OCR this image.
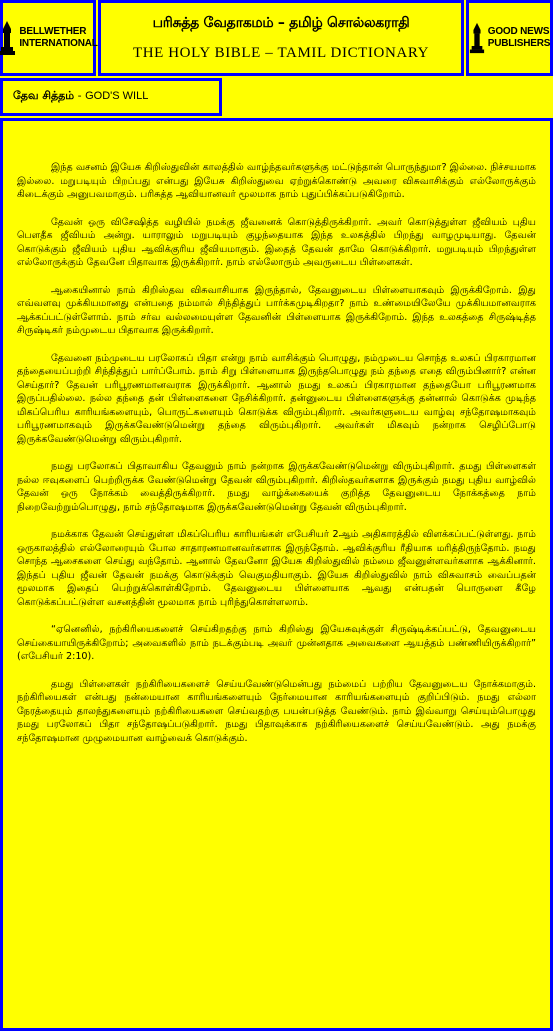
BELLWETHER
INTERNATIONAL
பரிசுத்த வேதாகமம் – தமிழ் சொல்லகராதி
THE HOLY BIBLE – TAMIL DICTIONARY
GOOD NEWS
PUBLISHERS
தேவ சித்தம் - GOD'S WILL

இந்த வசனம் இயேசு கிறிஸ்துவின் காலத்தில் வாழ்ந்தவர்களுக்கு மட்டுந்தான் பொருந்துமா? இல்லை. நிச்சயமாக இல்லை. மறுபடியும் பிறப்பது என்பது இயேசு கிறிஸ்துவை ஏற்றுக்கொண்டு அவரை விசுவாசிக்கும் எல்லோருக்கும் கிடைக்கும் அனுபவமாகும். பரிசுத்த ஆவியானவர் மூலமாக நாம் புதுப்பிக்கப்படுகிறோம்.

தேவன் ஒரு விசேஷித்த வழியில் நமக்கு ஜீவனைக் கொடுத்திருக்கிறார். அவர் கொடுத்துள்ள ஜீவியம் புதிய பௌதீக ஜீவியம் அன்று. யாராலும் மறுபடியும் குழந்தையாக இந்த உலகத்தில் பிறந்து வாழமுடியாது. தேவன் கொடுக்கும் ஜீவியம் புதிய ஆவிக்குரிய ஜீவியமாகும். இதைத் தேவன் தாமே கொடுக்கிறார். மறுபடியும் பிறந்துள்ள எல்லோருக்கும் தேவனே பிதாவாக இருக்கிறார். நாம் எல்லோரும் அவருடைய பிள்ளைகள்.

ஆகையினால் நாம் கிறிஸ்தவ விசுவாசியாக இருந்தால், தேவனுடைய பிள்ளையாகவும் இருக்கிறோம். இது எவ்வளவு முக்கியமானது என்பதை நம்மால் சிந்தித்துப் பார்க்கமுடிகிறதா? நாம் உண்மையிலேயே முக்கியமானவராக ஆக்கப்பட்டுள்ளோம். நாம் சர்வ வல்லமையுள்ள தேவனின் பிள்ளையாக இருக்கிறோம். இந்த உலகத்தை சிருஷ்டித்த சிருஷ்டிகர் நம்முடைய பிதாவாக இருக்கிறார்.

தேவனை நம்முடைய பரலோகப் பிதா என்று நாம் வாசிக்கும் பொழுது, நம்முடைய சொந்த உலகப் பிரகாரமான தந்தையைப்பற்றி சிந்தித்துப் பார்ப்போம். நாம் சிறு பிள்ளையாக இருந்தபொழுது நம் தந்தை எதை விரும்பினார்? என்ன செய்தார்? தேவன் பரிபூரணமானவராக இருக்கிறார். ஆனால் நமது உலகப் பிரகாரமான தந்தையோ பரிபூரணமாக இருப்பதில்லை. நல்ல தந்தை தன் பிள்ளைகளை நேசிக்கிறார். தன்னுடைய பிள்ளைகளுக்கு தன்னால் கொடுக்க முடிந்த மிகப்பெரிய காரியங்களையும், பொருட்களையும் கொடுக்க விரும்புகிறார். அவர்களுடைய வாழ்வு சந்தோஷமாகவும் பரிபூரணமாகவும் இருக்கவேண்டுமென்று தந்தை விரும்புகிறார். அவர்கள் மிகவும் நன்றாக செழிப்போடு இருக்கவேண்டுமென்று விரும்புகிறார்.

நமது பரலோகப் பிதாவாகிய தேவனும் நாம் நன்றாக இருக்கவேண்டுமென்று விரும்புகிறார். தமது பிள்ளைகள் நல்ல ஈவுகளைப் பெற்றிருக்க வேண்டுமென்று தேவன் விரும்புகிறார். கிறிஸ்தவர்களாக இருக்கும் நமது புதிய வாழ்வில் தேவன் ஒரு நோக்கம் வைத்திருக்கிறார். நமது வாழ்க்கையைக் குறித்த தேவனுடைய நோக்கத்தை நாம் நிறைவேற்றும்பொழுது, நாம் சந்தோஷமாக இருக்கவேண்டுமென்று தேவன் விரும்புகிறார்.

நமக்காக தேவன் செய்துள்ள மிகப்பெரிய காரியங்கள் எபேசியர் 2ஆம் அதிகாரத்தில் விளக்கப்பட்டுள்ளது. நாம் ஒருகாலத்தில் எல்லோரையும் போல சாதாரணமானவர்களாக இருந்தோம். ஆவிக்குரிய ரீதியாக மரித்திருந்தோம். நமது சொந்த ஆசைகளை செய்து வந்தோம். ஆனால் தேவனோ இயேசு கிறிஸ்துவில் நம்மை ஜீவனுள்ளவர்களாக ஆக்கினார். இந்தப் புதிய ஜீவன் தேவன் நமக்கு கொடுக்கும் வெகுமதியாகும். இயேசு கிறிஸ்துவில் நாம் விசுவாசம் வைப்பதன் மூலமாக இதைப் பெற்றுக்கொள்கிறோம். தேவனுடைய பிள்ளையாக ஆவது என்பதன் பொருளை கீழே கொடுக்கப்பட்டுள்ள வசனத்தின் மூலமாக நாம் புரிந்துகொள்ளலாம்.

“ஏனெனில், நற்கிரியைகளைச் செய்கிறதற்கு நாம் கிறிஸ்து இயேசுவுக்குள் சிருஷ்டிக்கப்பட்டு, தேவனுடைய செய்கையாயிருக்கிறோம்; அவைகளில் நாம் நடக்கும்படி அவர் முன்னதாக அவைகளை ஆயத்தம் பண்ணியிருக்கிறார்” (எபேசியர் 2:10).

தமது பிள்ளைகள் நற்கிரியைகளைச் செய்யவேண்டுமென்பது நம்மைப் பற்றிய தேவனுடைய நோக்கமாகும். நற்கிரியைகள் என்பது நன்மையான காரியங்களையும் நேர்மையான காரியங்களையும் குறிப்பிடும். நமது எல்லா நேரத்தையும் தாலந்துகளையும் நற்கிரியைகளை செய்வதற்கு பயன்படுத்த வேண்டும். நாம் இவ்வாறு செய்யும்பொழுது நமது பரலோகப் பிதா சந்தோஷப்படுகிறார். நமது பிதாவுக்காக நற்கிரியைகளைச் செய்யவேண்டும். அது நமக்கு சந்தோஷமான முழுமையான வாழ்வைக் கொடுக்கும்.
